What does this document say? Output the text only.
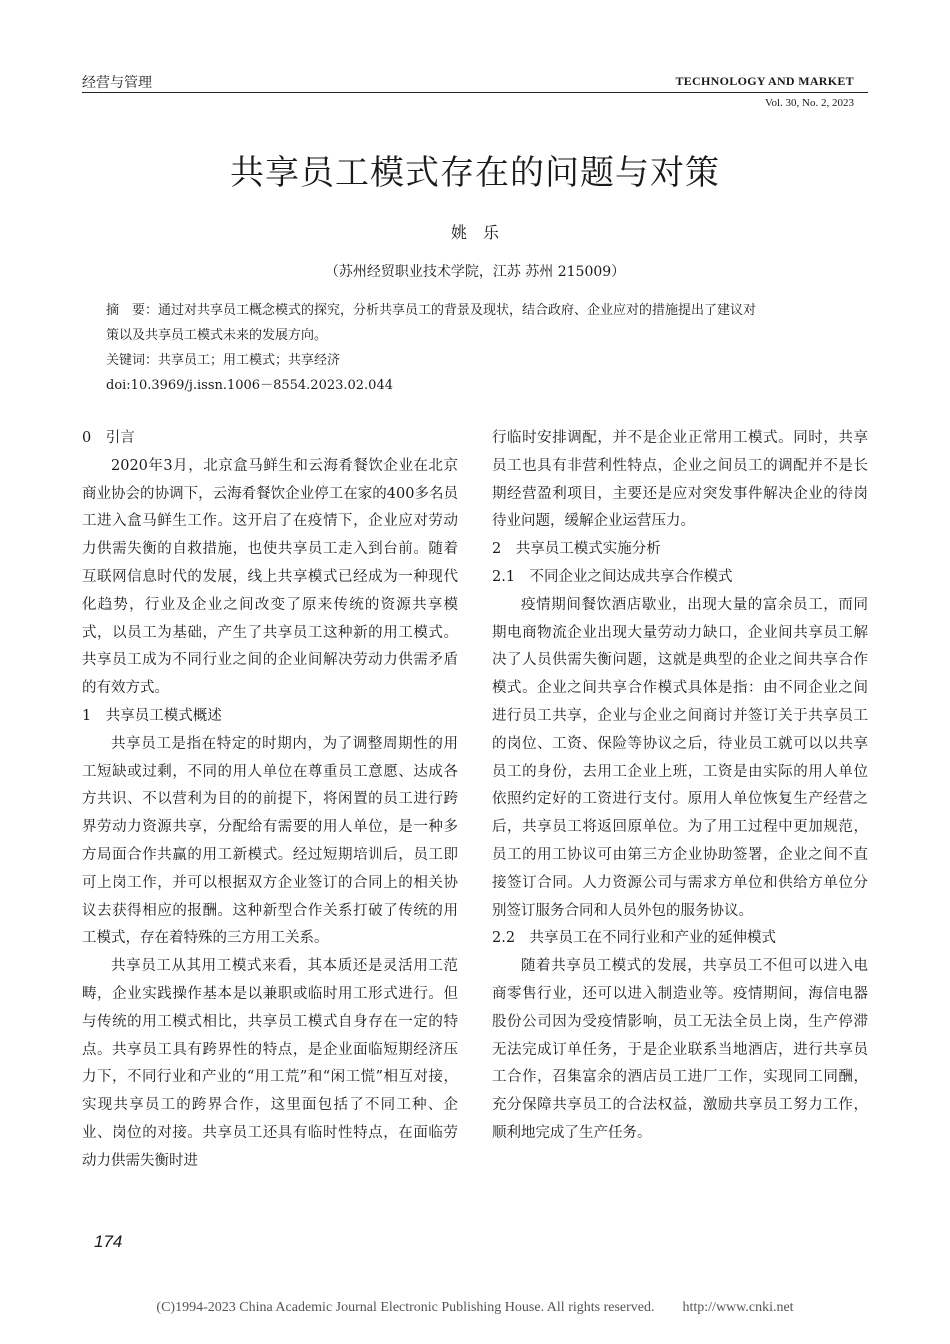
经营与管理	TECHNOLOGY AND MARKET
Vol. 30, No. 2, 2023
共享员工模式存在的问题与对策
姚　乐
（苏州经贸职业技术学院，江苏 苏州 215009）

摘　要：通过对共享员工概念模式的探究，分析共享员工的背景及现状，结合政府、企业应对的措施提出了建议对

策以及共享员工模式未来的发展方向。

关键词：共享员工；用工模式；共享经济

doi:10.3969/j.issn.1006－8554.2023.02.044

0　引言

2020年3月，北京盒马鲜生和云海肴餐饮企业在北京商业协会的协调下，云海肴餐饮企业停工在家的400多名员工进入盒马鲜生工作。这开启了在疫情下，企业应对劳动力供需失衡的自救措施，也使共享员工走入到台前。随着互联网信息时代的发展，线上共享模式已经成为一种现代化趋势，行业及企业之间改变了原来传统的资源共享模式，以员工为基础，产生了共享员工这种新的用工模式。共享员工成为不同行业之间的企业间解决劳动力供需矛盾的有效方式。

1　共享员工模式概述

共享员工是指在特定的时期内，为了调整周期性的用工短缺或过剩，不同的用人单位在尊重员工意愿、达成各方共识、不以营利为目的的前提下，将闲置的员工进行跨界劳动力资源共享，分配给有需要的用人单位，是一种多方局面合作共赢的用工新模式。经过短期培训后，员工即可上岗工作，并可以根据双方企业签订的合同上的相关协议去获得相应的报酬。这种新型合作关系打破了传统的用工模式，存在着特殊的三方用工关系。

共享员工从其用工模式来看，其本质还是灵活用工范畴，企业实践操作基本是以兼职或临时用工形式进行。但与传统的用工模式相比，共享员工模式自身存在一定的特点。共享员工具有跨界性的特点，是企业面临短期经济压力下，不同行业和产业的“用工荒”和“闲工慌”相互对接，实现共享员工的跨界合作，这里面包括了不同工种、企业、岗位的对接。共享员工还具有临时性特点，在面临劳动力供需失衡时进

行临时安排调配，并不是企业正常用工模式。同时，共享员工也具有非营利性特点，企业之间员工的调配并不是长期经营盈利项目，主要还是应对突发事件解决企业的待岗待业问题，缓解企业运营压力。

2　共享员工模式实施分析

2.1　不同企业之间达成共享合作模式

疫情期间餐饮酒店歇业，出现大量的富余员工，而同期电商物流企业出现大量劳动力缺口，企业间共享员工解决了人员供需失衡问题，这就是典型的企业之间共享合作模式。企业之间共享合作模式具体是指：由不同企业之间进行员工共享，企业与企业之间商讨并签订关于共享员工的岗位、工资、保险等协议之后，待业员工就可以以共享员工的身份，去用工企业上班，工资是由实际的用人单位依照约定好的工资进行支付。原用人单位恢复生产经营之后，共享员工将返回原单位。为了用工过程中更加规范，员工的用工协议可由第三方企业协助签署，企业之间不直接签订合同。人力资源公司与需求方单位和供给方单位分别签订服务合同和人员外包的服务协议。

2.2　共享员工在不同行业和产业的延伸模式

随着共享员工模式的发展，共享员工不但可以进入电商零售行业，还可以进入制造业等。疫情期间，海信电器股份公司因为受疫情影响，员工无法全员上岗，生产停滞无法完成订单任务，于是企业联系当地酒店，进行共享员工合作，召集富余的酒店员工进厂工作，实现同工同酬，充分保障共享员工的合法权益，激励共享员工努力工作，顺利地完成了生产任务。

174
(C)1994-2023 China Academic Journal Electronic Publishing House. All rights reserved.　　http://www.cnki.net
